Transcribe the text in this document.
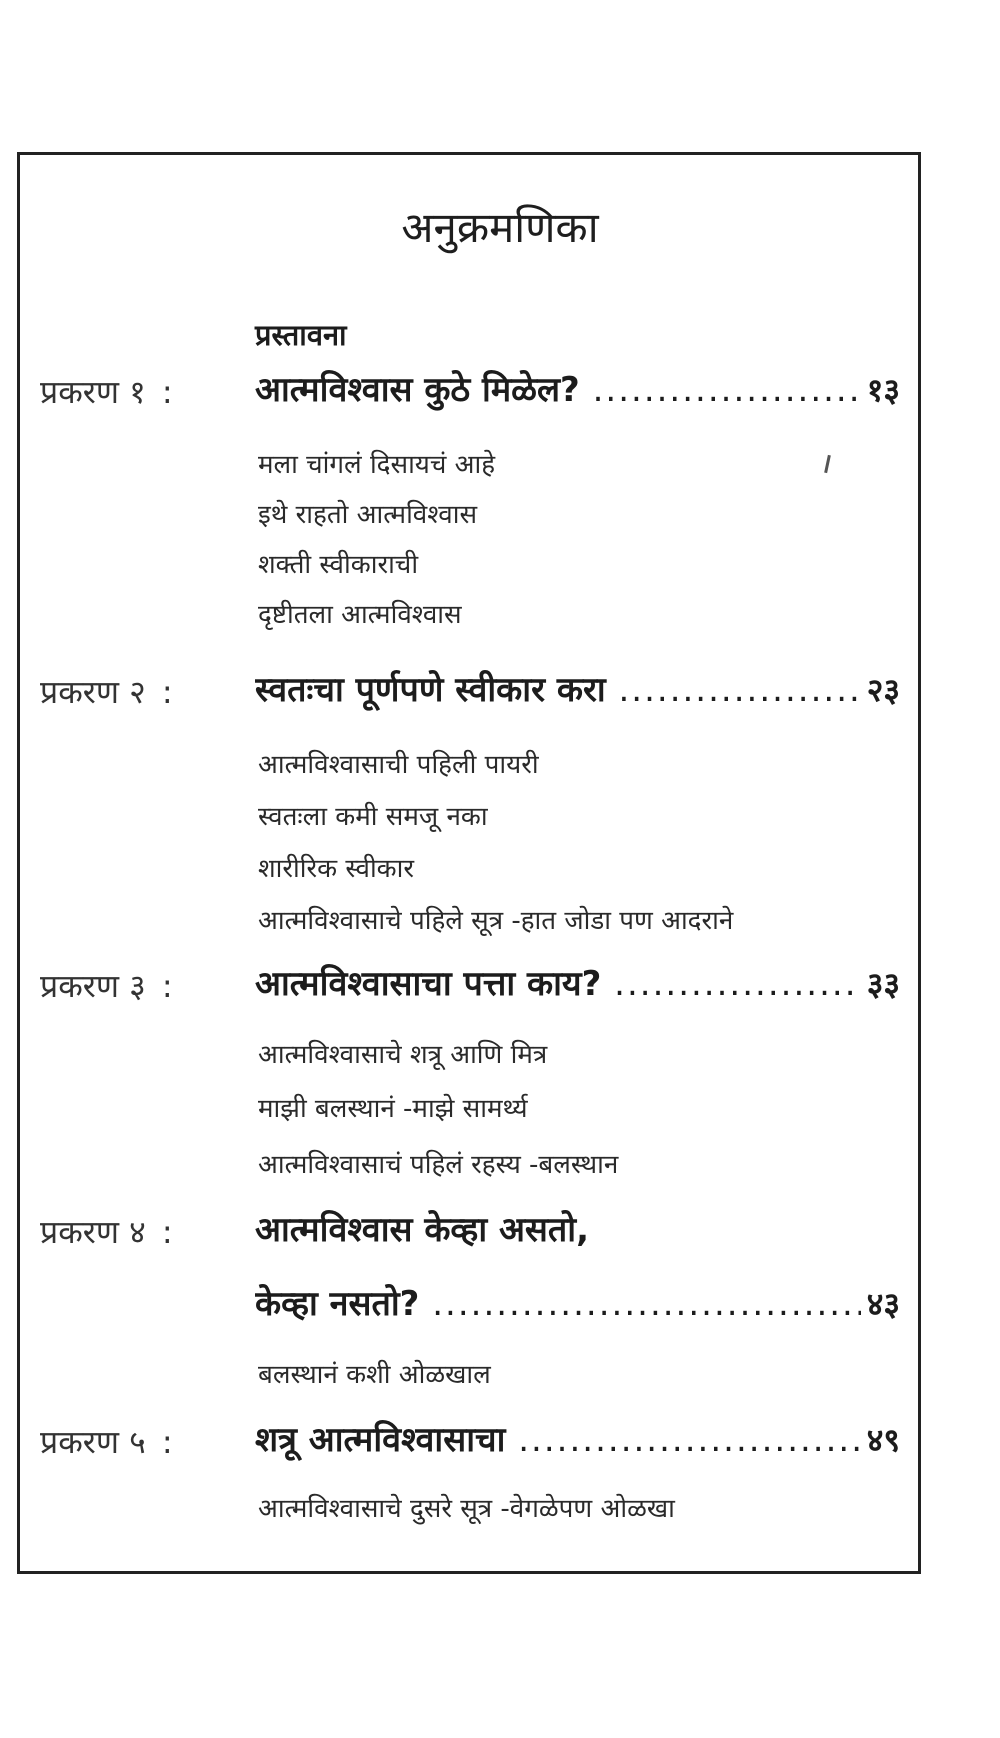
अनुक्रमणिका
प्रस्तावना
प्रकरण १ : आत्मविश्वास कुठे मिळेल? .....	१३
मला चांगलं दिसायचं आहे
इथे राहतो आत्मविश्वास
शक्ती स्वीकाराची
दृष्टीतला आत्मविश्वास
प्रकरण २ : स्वतःचा पूर्णपणे स्वीकार करा .....	२३
आत्मविश्वासाची पहिली पायरी
स्वतःला कमी समजू नका
शारीरिक स्वीकार
आत्मविश्वासाचे पहिले सूत्र -हात जोडा पण आदराने
प्रकरण ३ : आत्मविश्वासाचा पत्ता काय? .....	३३
आत्मविश्वासाचे शत्रू आणि मित्र
माझी बलस्थानं -माझे सामर्थ्य
आत्मविश्वासाचं पहिलं रहस्य -बलस्थान
प्रकरण ४ : आत्मविश्वास केव्हा असतो,
केव्हा नसतो? .....	४३
बलस्थानं कशी ओळखाल
प्रकरण ५ : शत्रू आत्मविश्वासाचा .....	४९
आत्मविश्वासाचे दुसरे सूत्र -वेगळेपण ओळखा
